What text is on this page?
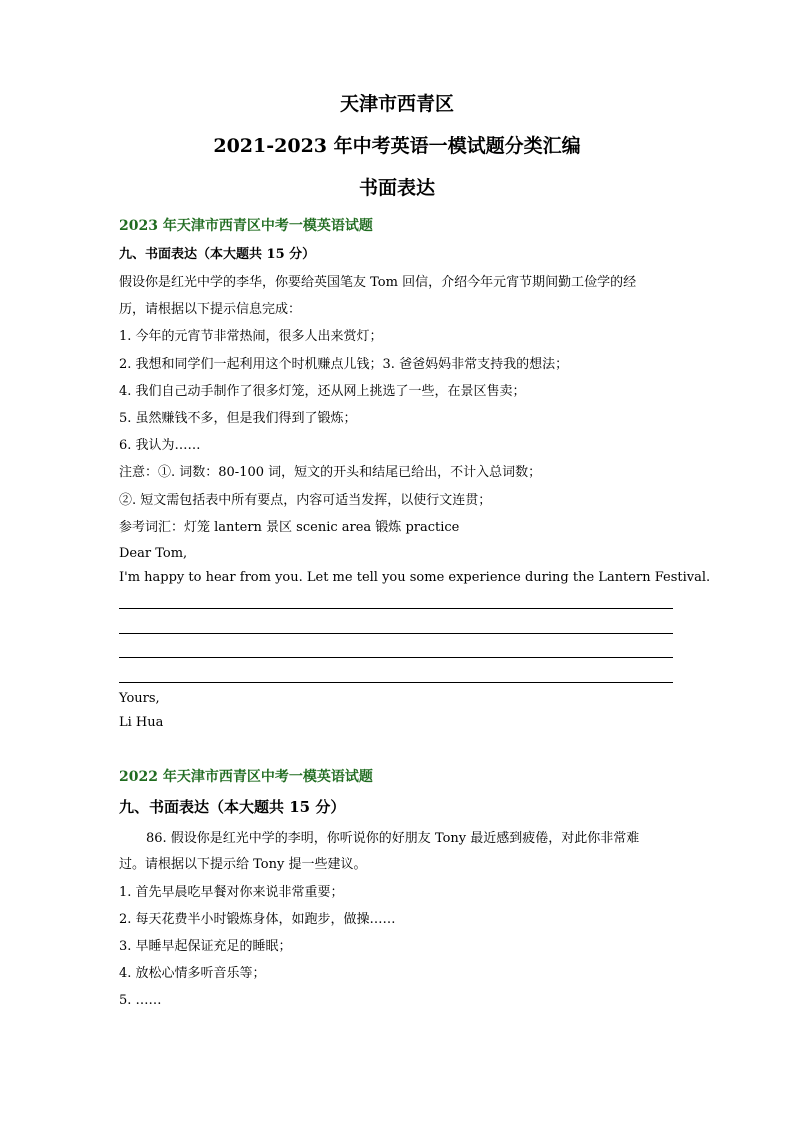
天津市西青区
2021-2023 年中考英语一模试题分类汇编
书面表达
2023 年天津市西青区中考一模英语试题
九、书面表达（本大题共 15 分）
假设你是红光中学的李华，你要给英国笔友 Tom 回信，介绍今年元宵节期间勤工俭学的经
历，请根据以下提示信息完成：
1. 今年的元宵节非常热闹，很多人出来赏灯；
2. 我想和同学们一起利用这个时机赚点儿钱；3. 爸爸妈妈非常支持我的想法；
4. 我们自己动手制作了很多灯笼，还从网上挑选了一些，在景区售卖；
5. 虽然赚钱不多，但是我们得到了锻炼；
6. 我认为……
注意：①. 词数：80-100 词，短文的开头和结尾已给出，不计入总词数；
②. 短文需包括表中所有要点，内容可适当发挥，以使行文连贯；
参考词汇：灯笼 lantern 景区 scenic area 锻炼 practice
Dear Tom,
I'm happy to hear from you. Let me tell you some experience during the Lantern Festival.
Yours,
Li Hua
2022 年天津市西青区中考一模英语试题
九、书面表达（本大题共 15 分）
86. 假设你是红光中学的李明，你听说你的好朋友 Tony 最近感到疲倦，对此你非常难
过。请根据以下提示给 Tony 提一些建议。
1. 首先早晨吃早餐对你来说非常重要；
2. 每天花费半小时锻炼身体，如跑步，做操……
3. 早睡早起保证充足的睡眠；
4. 放松心情多听音乐等；
5. ……
